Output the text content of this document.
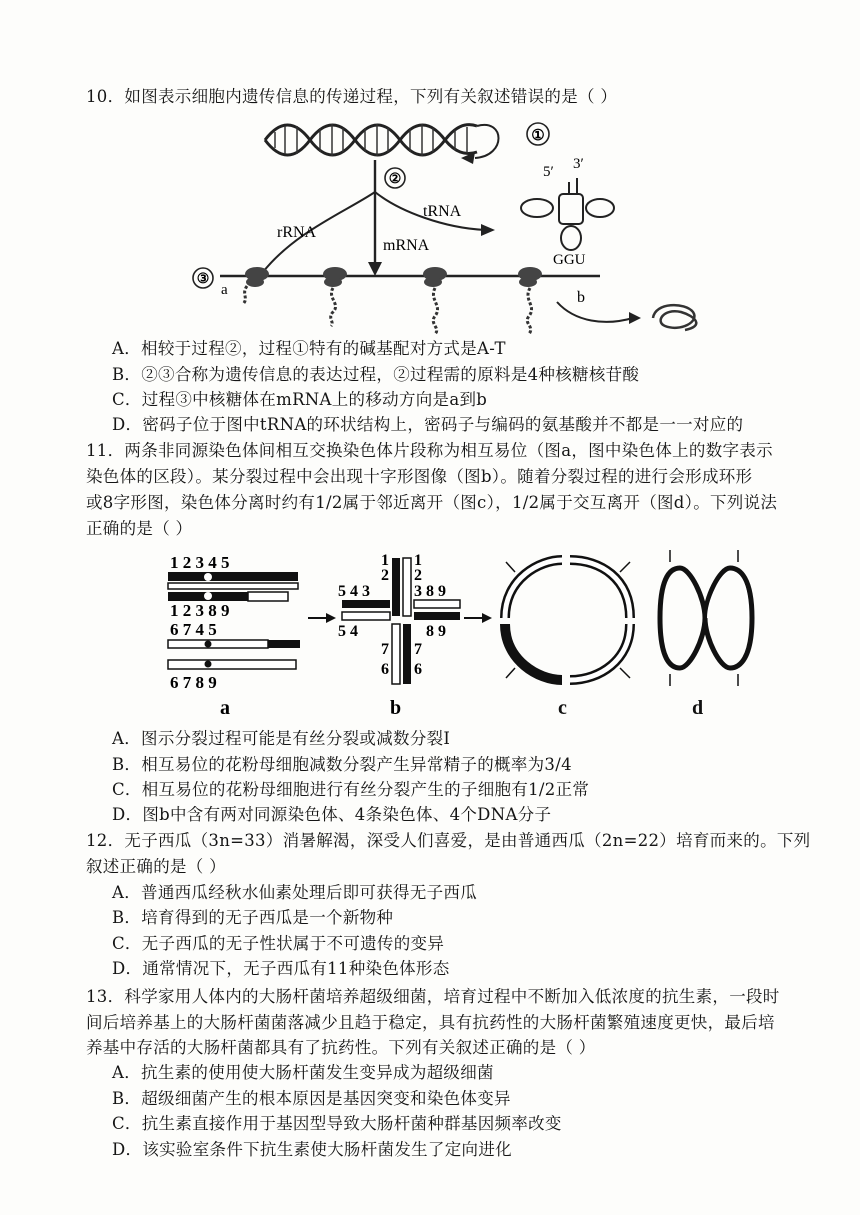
10．如图表示细胞内遗传信息的传递过程，下列有关叙述错误的是（ ）
①
②
mRNA
rRNA
tRNA
5′ 3′
GGU
③
a	b
A．相较于过程②，过程①特有的碱基配对方式是A-T
B．②③合称为遗传信息的表达过程，②过程需的原料是4种核糖核苷酸
C．过程③中核糖体在mRNA上的移动方向是a到b
D．密码子位于图中tRNA的环状结构上，密码子与编码的氨基酸并不都是一一对应的
11．两条非同源染色体间相互交换染色体片段称为相互易位（图a，图中染色体上的数字表示
染色体的区段）。某分裂过程中会出现十字形图像（图b）。随着分裂过程的进行会形成环形
或8字形图，染色体分离时约有1/2属于邻近离开（图c），1/2属于交互离开（图d）。下列说法
正确的是（ ）
1 2 3 4 5
1 2 3 8 9
6 7 4 5
6 7 8 9
a
1
2
1
2
5 4 3
5 4
3 8 9
8 9
7
6
7
6
b	c	d
A．图示分裂过程可能是有丝分裂或减数分裂I
B．相互易位的花粉母细胞减数分裂产生异常精子的概率为3/4
C．相互易位的花粉母细胞进行有丝分裂产生的子细胞有1/2正常
D．图b中含有两对同源染色体、4条染色体、4个DNA分子
12．无子西瓜（3n=33）消暑解渴，深受人们喜爱，是由普通西瓜（2n=22）培育而来的。下列
叙述正确的是（ ）
A．普通西瓜经秋水仙素处理后即可获得无子西瓜
B．培育得到的无子西瓜是一个新物种
C．无子西瓜的无子性状属于不可遗传的变异
D．通常情况下，无子西瓜有11种染色体形态
13．科学家用人体内的大肠杆菌培养超级细菌，培育过程中不断加入低浓度的抗生素，一段时
间后培养基上的大肠杆菌菌落减少且趋于稳定，具有抗药性的大肠杆菌繁殖速度更快，最后培
养基中存活的大肠杆菌都具有了抗药性。下列有关叙述正确的是（ ）
A．抗生素的使用使大肠杆菌发生变异成为超级细菌
B．超级细菌产生的根本原因是基因突变和染色体变异
C．抗生素直接作用于基因型导致大肠杆菌种群基因频率改变
D．该实验室条件下抗生素使大肠杆菌发生了定向进化
